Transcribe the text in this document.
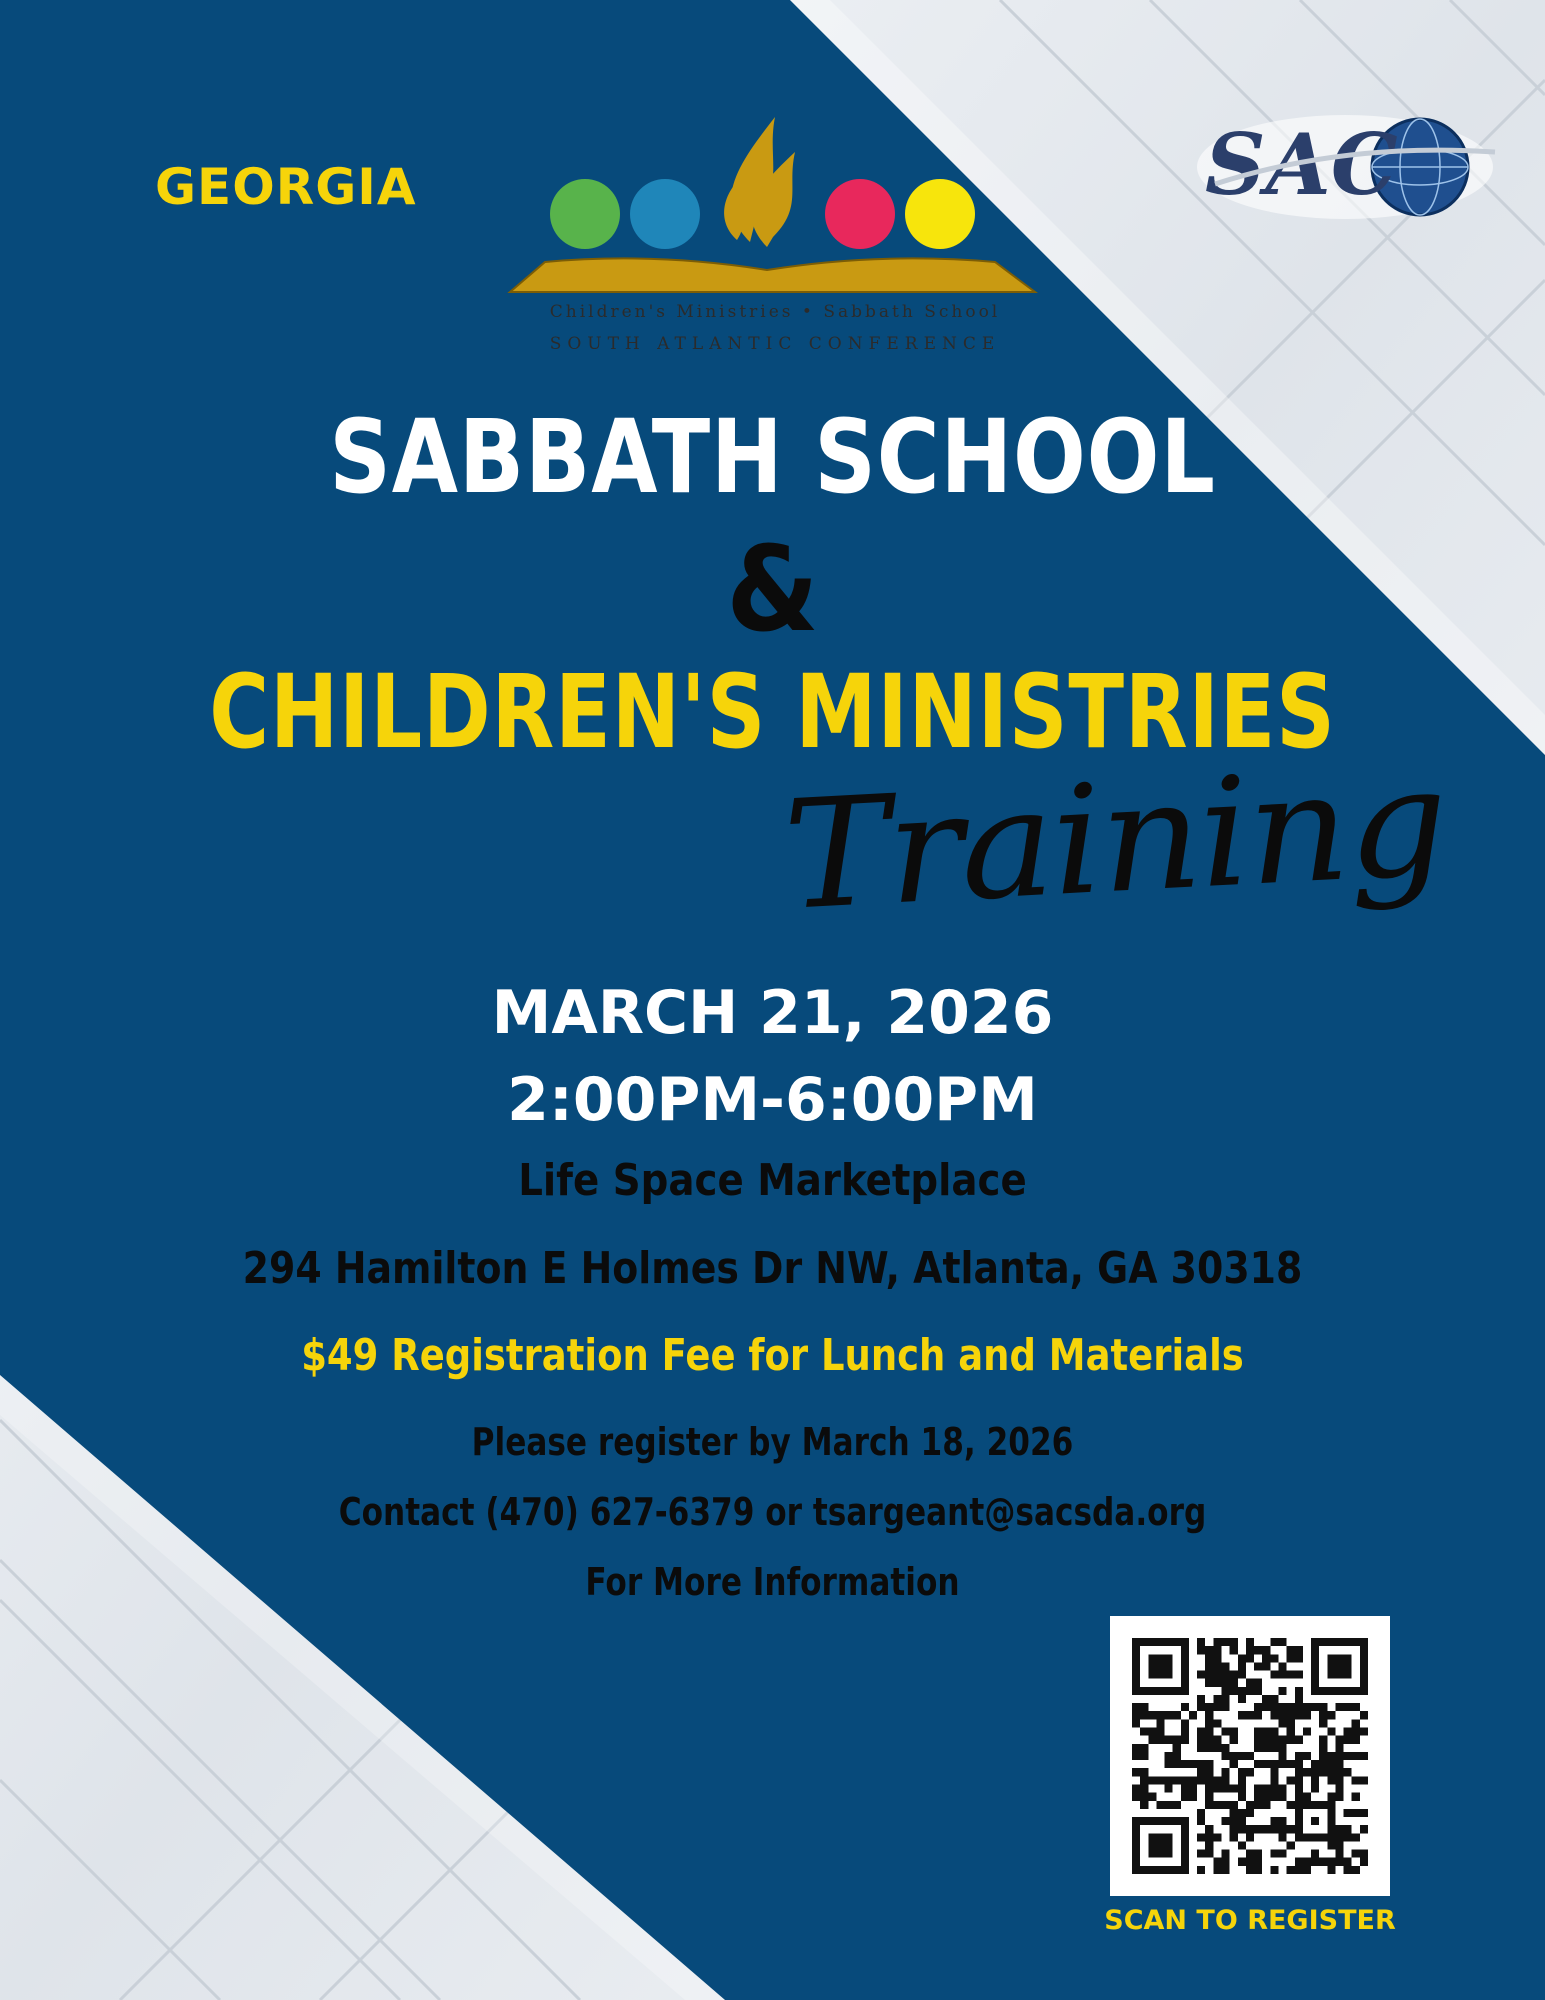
GEORGIA

Children's Ministries • Sabbath School
SOUTH ATLANTIC CONFERENCE
SAC

SABBATH SCHOOL

&

CHILDREN'S MINISTRIES

Training

MARCH 21, 2026

2:00PM-6:00PM

Life Space Marketplace

294 Hamilton E Holmes Dr NW, Atlanta, GA 30318

$49 Registration Fee for Lunch and Materials

Please register by March 18, 2026

Contact (470) 627-6379 or tsargeant@sacsda.org

For More Information

SCAN TO REGISTER
